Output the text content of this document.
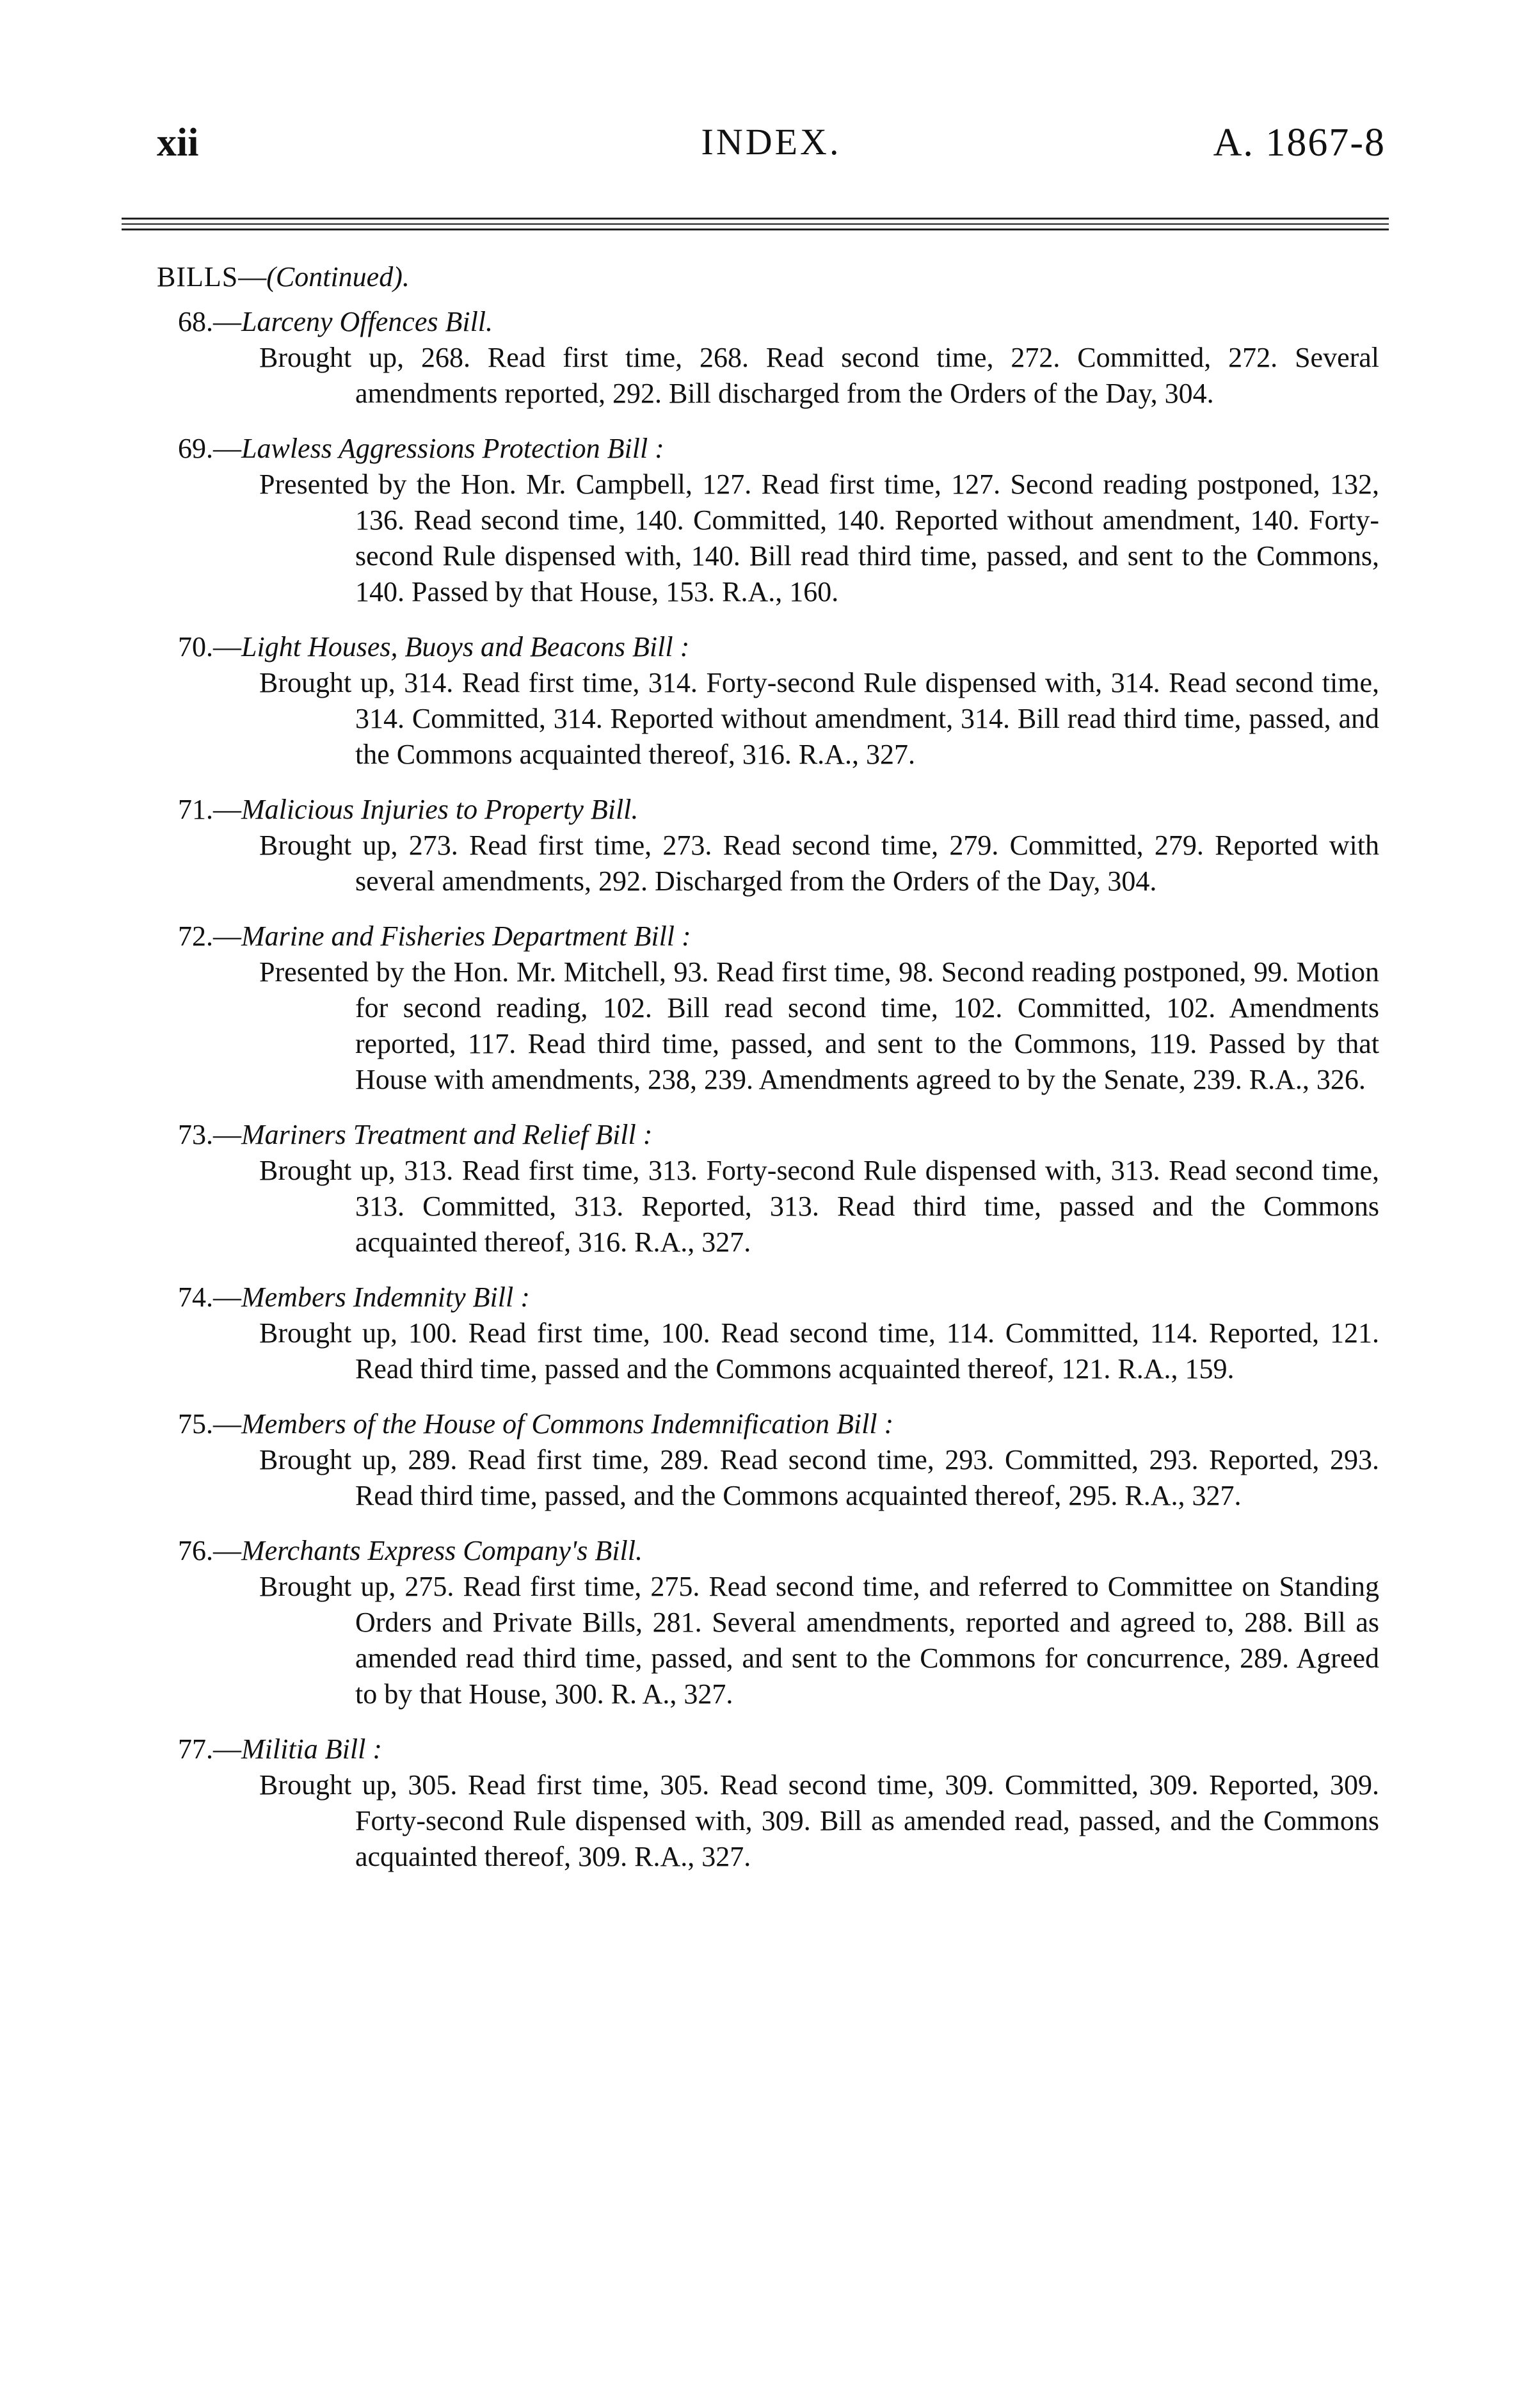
xii	INDEX.	A. 1867-8
BILLS—(Continued).
68.—Larceny Offences Bill.
Brought up, 268. Read first time, 268. Read second time, 272. Committed, 272. Several amendments reported, 292. Bill discharged from the Orders of the Day, 304.
69.—Lawless Aggressions Protection Bill :
Presented by the Hon. Mr. Campbell, 127. Read first time, 127. Second reading postponed, 132, 136. Read second time, 140. Committed, 140. Reported without amendment, 140. Forty-second Rule dispensed with, 140. Bill read third time, passed, and sent to the Commons, 140. Passed by that House, 153. R.A., 160.
70.—Light Houses, Buoys and Beacons Bill :
Brought up, 314. Read first time, 314. Forty-second Rule dispensed with, 314. Read second time, 314. Committed, 314. Reported without amendment, 314. Bill read third time, passed, and the Commons acquainted thereof, 316. R.A., 327.
71.—Malicious Injuries to Property Bill.
Brought up, 273. Read first time, 273. Read second time, 279. Committed, 279. Reported with several amendments, 292. Discharged from the Orders of the Day, 304.
72.—Marine and Fisheries Department Bill :
Presented by the Hon. Mr. Mitchell, 93. Read first time, 98. Second reading postponed, 99. Motion for second reading, 102. Bill read second time, 102. Committed, 102. Amendments reported, 117. Read third time, passed, and sent to the Commons, 119. Passed by that House with amendments, 238, 239. Amendments agreed to by the Senate, 239. R.A., 326.
73.—Mariners Treatment and Relief Bill :
Brought up, 313. Read first time, 313. Forty-second Rule dispensed with, 313. Read second time, 313. Committed, 313. Reported, 313. Read third time, passed and the Commons acquainted thereof, 316. R.A., 327.
74.—Members Indemnity Bill :
Brought up, 100. Read first time, 100. Read second time, 114. Committed, 114. Reported, 121. Read third time, passed and the Commons acquainted thereof, 121. R.A., 159.
75.—Members of the House of Commons Indemnification Bill :
Brought up, 289. Read first time, 289. Read second time, 293. Committed, 293. Reported, 293. Read third time, passed, and the Commons acquainted thereof, 295. R.A., 327.
76.—Merchants Express Company's Bill.
Brought up, 275. Read first time, 275. Read second time, and referred to Committee on Standing Orders and Private Bills, 281. Several amendments, reported and agreed to, 288. Bill as amended read third time, passed, and sent to the Commons for concurrence, 289. Agreed to by that House, 300. R. A., 327.
77.—Militia Bill :
Brought up, 305. Read first time, 305. Read second time, 309. Committed, 309. Reported, 309. Forty-second Rule dispensed with, 309. Bill as amended read, passed, and the Commons acquainted thereof, 309. R.A., 327.
